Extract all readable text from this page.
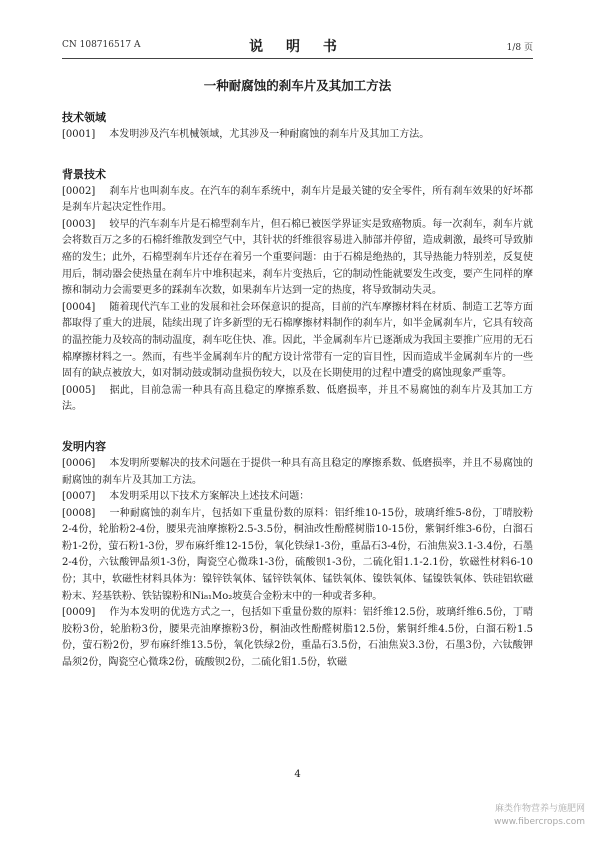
CN 108716517 A	说 明 书	1/8 页
一种耐腐蚀的刹车片及其加工方法
技术领域

[0001] 本发明涉及汽车机械领域，尤其涉及一种耐腐蚀的刹车片及其加工方法。

背景技术

[0002] 刹车片也叫刹车皮。在汽车的刹车系统中，刹车片是最关键的安全零件，所有刹车效果的好坏都是刹车片起决定性作用。

[0003] 较早的汽车刹车片是石棉型刹车片，但石棉已被医学界证实是致癌物质。每一次刹车，刹车片就会将数百万之多的石棉纤维散发到空气中，其针状的纤维很容易进入肺部并停留，造成刺激，最终可导致肺癌的发生；此外，石棉型刹车片还存在着另一个重要问题：由于石棉是绝热的，其导热能力特别差，反复使用后，制动器会使热量在刹车片中堆积起来，刹车片变热后，它的制动性能就要发生改变，要产生同样的摩擦和制动力会需要更多的踩刹车次数，如果刹车片达到一定的热度，将导致制动失灵。

[0004] 随着现代汽车工业的发展和社会环保意识的提高，目前的汽车摩擦材料在材质、制造工艺等方面都取得了重大的进展，陆续出现了许多新型的无石棉摩擦材料制作的刹车片，如半金属刹车片，它具有较高的温控能力及较高的制动温度，刹车吃住快、准。因此，半金属刹车片已逐渐成为我国主要推广应用的无石棉摩擦材料之一。然而，有些半金属刹车片的配方设计常带有一定的盲目性，因而造成半金属刹车片的一些固有的缺点被放大，如对制动鼓或制动盘损伤较大，以及在长期使用的过程中遭受的腐蚀现象严重等。

[0005] 据此，目前急需一种具有高且稳定的摩擦系数、低磨损率，并且不易腐蚀的刹车片及其加工方法。

发明内容

[0006] 本发明所要解决的技术问题在于提供一种具有高且稳定的摩擦系数、低磨损率，并且不易腐蚀的耐腐蚀的刹车片及其加工方法。

[0007] 本发明采用以下技术方案解决上述技术问题：

[0008] 一种耐腐蚀的刹车片，包括如下重量份数的原料：铝纤维10-15份，玻璃纤维5-8份，丁晴胶粉2-4份，轮胎粉2-4份，腰果壳油摩擦粉2.5-3.5份，桐油改性酚醛树脂10-15份，紫铜纤维3-6份，白溜石粉1-2份，萤石粉1-3份，罗布麻纤维12-15份，氧化铁绿1-3份，重晶石3-4份，石油焦炭3.1-3.4份，石墨2-4份，六钛酸钾晶须1-3份，陶瓷空心微珠1-3份，硫酸钡1-3份，二硫化钼1.1-2.1份，软磁性材料6-10份；其中，软磁性材料具体为：镍锌铁氧体、锰锌铁氧体、锰铁氧体、镍铁氧体、锰镍铁氧体、铁硅铝软磁粉末、羟基铁粉、铁钴镍粉和Ni₈₁Mo₂坡莫合金粉末中的一种或者多种。

[0009] 作为本发明的优选方式之一，包括如下重量份数的原料：铝纤维12.5份，玻璃纤维6.5份，丁晴胶粉3份，轮胎粉3份，腰果壳油摩擦粉3份，桐油改性酚醛树脂12.5份，紫铜纤维4.5份，白溜石粉1.5份，萤石粉2份，罗布麻纤维13.5份，氧化铁绿2份，重晶石3.5份，石油焦炭3.3份，石墨3份，六钛酸钾晶须2份，陶瓷空心微珠2份，硫酸钡2份，二硫化钼1.5份，软磁

4
麻类作物营养与施肥网
www.fibercrops.com
